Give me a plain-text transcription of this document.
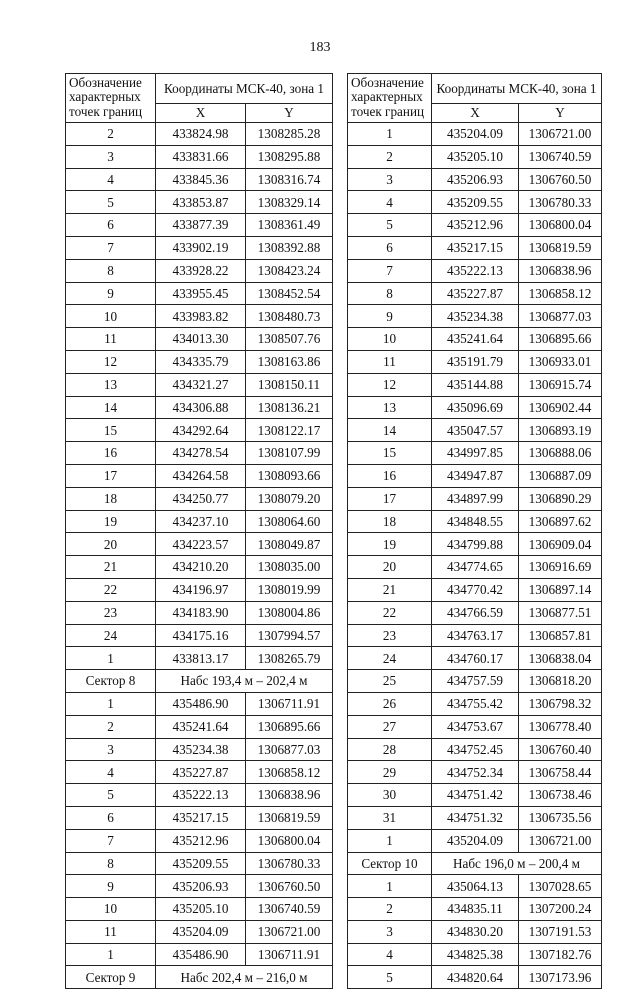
183
Обозначение характерных точек границ	Координаты МСК-40, зона 1	
	X	Y
2	433824.98	1308285.28
3	433831.66	1308295.88
4	433845.36	1308316.74
5	433853.87	1308329.14
6	433877.39	1308361.49
7	433902.19	1308392.88
8	433928.22	1308423.24
9	433955.45	1308452.54
10	433983.82	1308480.73
11	434013.30	1308507.76
12	434335.79	1308163.86
13	434321.27	1308150.11
14	434306.88	1308136.21
15	434292.64	1308122.17
16	434278.54	1308107.99
17	434264.58	1308093.66
18	434250.77	1308079.20
19	434237.10	1308064.60
20	434223.57	1308049.87
21	434210.20	1308035.00
22	434196.97	1308019.99
23	434183.90	1308004.86
24	434175.16	1307994.57
1	433813.17	1308265.79
Сектор 8	Набс 193,4 м – 202,4 м	
1	435486.90	1306711.91
2	435241.64	1306895.66
3	435234.38	1306877.03
4	435227.87	1306858.12
5	435222.13	1306838.96
6	435217.15	1306819.59
7	435212.96	1306800.04
8	435209.55	1306780.33
9	435206.93	1306760.50
10	435205.10	1306740.59
11	435204.09	1306721.00
1	435486.90	1306711.91
Сектор 9	Набс 202,4 м – 216,0 м	
Обозначение характерных точек границ	Координаты МСК-40, зона 1	
	X	Y
1	435204.09	1306721.00
2	435205.10	1306740.59
3	435206.93	1306760.50
4	435209.55	1306780.33
5	435212.96	1306800.04
6	435217.15	1306819.59
7	435222.13	1306838.96
8	435227.87	1306858.12
9	435234.38	1306877.03
10	435241.64	1306895.66
11	435191.79	1306933.01
12	435144.88	1306915.74
13	435096.69	1306902.44
14	435047.57	1306893.19
15	434997.85	1306888.06
16	434947.87	1306887.09
17	434897.99	1306890.29
18	434848.55	1306897.62
19	434799.88	1306909.04
20	434774.65	1306916.69
21	434770.42	1306897.14
22	434766.59	1306877.51
23	434763.17	1306857.81
24	434760.17	1306838.04
25	434757.59	1306818.20
26	434755.42	1306798.32
27	434753.67	1306778.40
28	434752.45	1306760.40
29	434752.34	1306758.44
30	434751.42	1306738.46
31	434751.32	1306735.56
1	435204.09	1306721.00
Сектор 10	Набс 196,0 м – 200,4 м	
1	435064.13	1307028.65
2	434835.11	1307200.24
3	434830.20	1307191.53
4	434825.38	1307182.76
5	434820.64	1307173.96
